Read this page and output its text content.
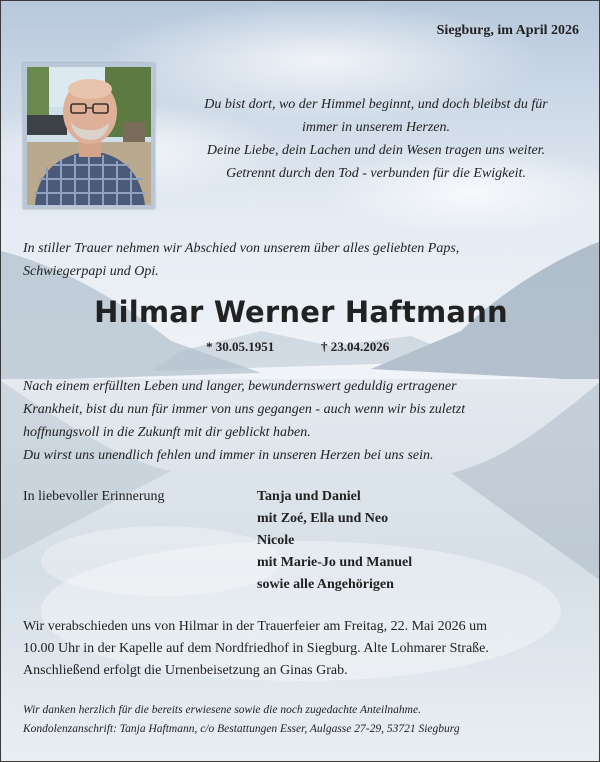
Siegburg, im April 2026
Du bist dort, wo der Himmel beginnt, und doch bleibst du für
immer in unserem Herzen.
Deine Liebe, dein Lachen und dein Wesen tragen uns weiter.
Getrennt durch den Tod - verbunden für die Ewigkeit.
In stiller Trauer nehmen wir Abschied von unserem über alles geliebten Paps,
Schwiegerpapi und Opi.
Hilmar Werner Haftmann
* 30.05.1951	† 23.04.2026
Nach einem erfüllten Leben und langer, bewundernswert geduldig ertragener
Krankheit, bist du nun für immer von uns gegangen - auch wenn wir bis zuletzt
hoffnungsvoll in die Zukunft mit dir geblickt haben.
Du wirst uns unendlich fehlen und immer in unseren Herzen bei uns sein.
In liebevoller Erinnerung	Tanja und Daniel
mit Zoé, Ella und Neo
Nicole
mit Marie-Jo und Manuel
sowie alle Angehörigen
Wir verabschieden uns von Hilmar in der Trauerfeier am Freitag, 22. Mai 2026 um
10.00 Uhr in der Kapelle auf dem Nordfriedhof in Siegburg. Alte Lohmarer Straße.
Anschließend erfolgt die Urnenbeisetzung an Ginas Grab.
Wir danken herzlich für die bereits erwiesene sowie die noch zugedachte Anteilnahme.
Kondolenzanschrift: Tanja Haftmann, c/o Bestattungen Esser, Aulgasse 27-29, 53721 Siegburg
